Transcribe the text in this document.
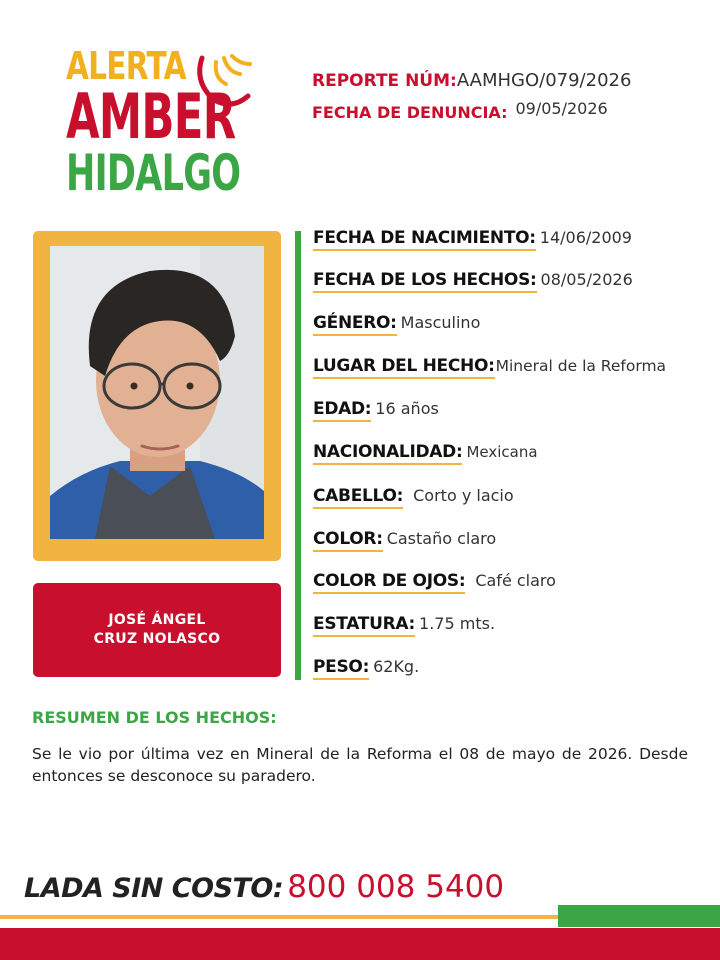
ALERTA
AMBER
HIDALGO
REPORTE NÚM:AAMHGO/079/2026
FECHA DE DENUNCIA: 09/05/2026
JOSÉ ÁNGEL
CRUZ NOLASCO
FECHA DE NACIMIENTO: 14/06/2009
FECHA DE LOS HECHOS: 08/05/2026
GÉNERO: Masculino
LUGAR DEL HECHO:Mineral de la Reforma
EDAD: 16 años
NACIONALIDAD: Mexicana
CABELLO: Corto y lacio
COLOR: Castaño claro
COLOR DE OJOS: Café claro
ESTATURA: 1.75 mts.
PESO: 62Kg.
RESUMEN DE LOS HECHOS:
Se le vio por última vez en Mineral de la Reforma el 08 de mayo de 2026. Desde entonces se desconoce su paradero.
LADA SIN COSTO: 800 008 5400
